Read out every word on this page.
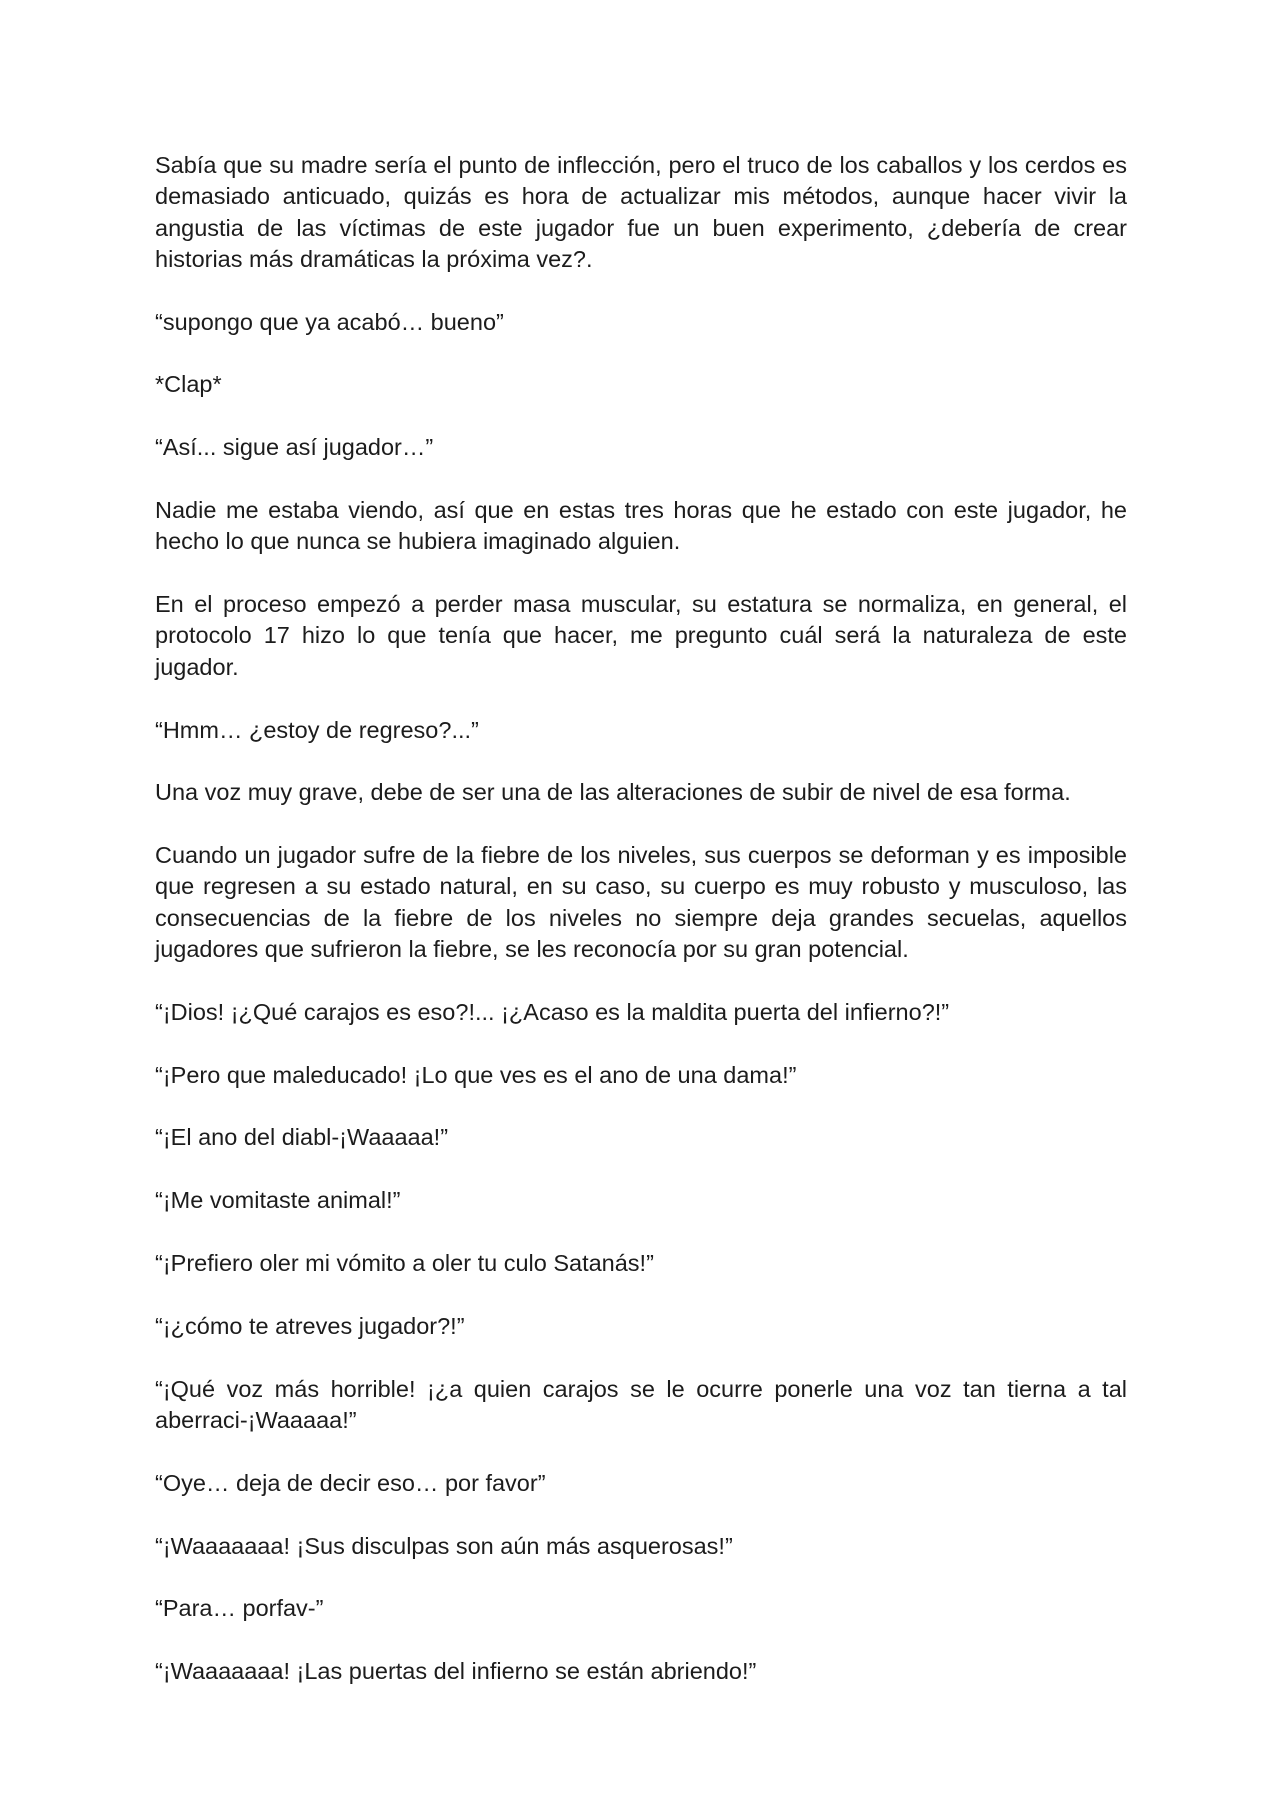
Sabía que su madre sería el punto de inflección, pero el truco de los caballos y los cerdos es demasiado anticuado, quizás es hora de actualizar mis métodos, aunque hacer vivir la angustia de las víctimas de este jugador fue un buen experimento, ¿debería de crear historias más dramáticas la próxima vez?.

“supongo que ya acabó… bueno”

*Clap*

“Así... sigue así jugador…”

Nadie me estaba viendo, así que en estas tres horas que he estado con este jugador, he hecho lo que nunca se hubiera imaginado alguien.

En el proceso empezó a perder masa muscular, su estatura se normaliza, en general, el protocolo 17 hizo lo que tenía que hacer, me pregunto cuál será la naturaleza de este jugador.

“Hmm… ¿estoy de regreso?...”

Una voz muy grave, debe de ser una de las alteraciones de subir de nivel de esa forma.

Cuando un jugador sufre de la fiebre de los niveles, sus cuerpos se deforman y es imposible que regresen a su estado natural, en su caso, su cuerpo es muy robusto y musculoso, las consecuencias de la fiebre de los niveles no siempre deja grandes secuelas, aquellos jugadores que sufrieron la fiebre, se les reconocía por su gran potencial.

“¡Dios! ¡¿Qué carajos es eso?!... ¡¿Acaso es la maldita puerta del infierno?!”

“¡Pero que maleducado! ¡Lo que ves es el ano de una dama!”

“¡El ano del diabl-¡Waaaaa!”

“¡Me vomitaste animal!”

“¡Prefiero oler mi vómito a oler tu culo Satanás!”

“¡¿cómo te atreves jugador?!”

“¡Qué voz más horrible! ¡¿a quien carajos se le ocurre ponerle una voz tan tierna a tal aberraci-¡Waaaaa!”

“Oye… deja de decir eso… por favor”

“¡Waaaaaaa! ¡Sus disculpas son aún más asquerosas!”

“Para… porfav-”

“¡Waaaaaaa! ¡Las puertas del infierno se están abriendo!”
